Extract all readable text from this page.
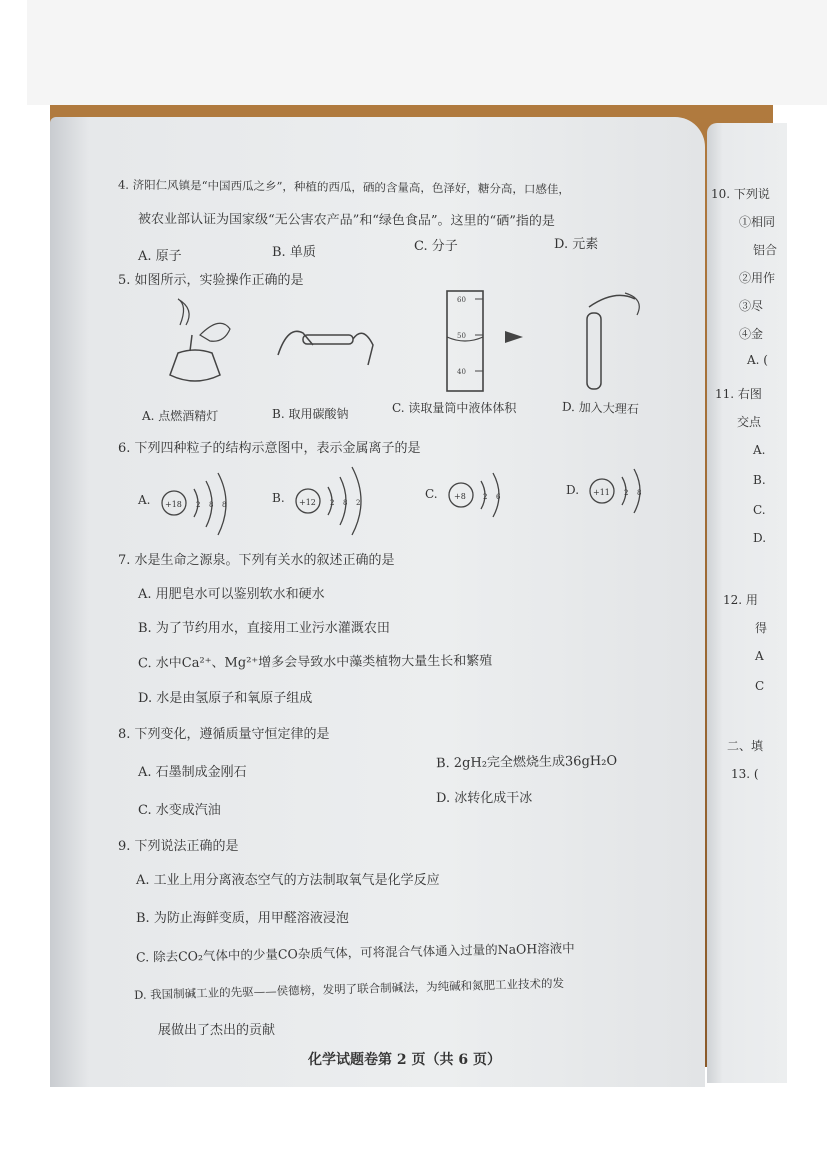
4. 济阳仁风镇是“中国西瓜之乡”，种植的西瓜，硒的含量高，色泽好，糖分高，口感佳，
被农业部认证为国家级“无公害农产品”和“绿色食品”。这里的“硒”指的是
A. 原子	B. 单质	C. 分子	D. 元素
5. 如图所示，实验操作正确的是
60
50
40
A. 点燃酒精灯	B. 取用碳酸钠	C. 读取量筒中液体体积	D. 加入大理石
6. 下列四种粒子的结构示意图中，表示金属离子的是
A. +18 2 8 8	B. +12 2 8 2
C. +8 2 6	D. +11 2 8
7. 水是生命之源泉。下列有关水的叙述正确的是
A. 用肥皂水可以鉴别软水和硬水
B. 为了节约用水，直接用工业污水灌溉农田
C. 水中Ca²⁺、Mg²⁺增多会导致水中藻类植物大量生长和繁殖
D. 水是由氢原子和氧原子组成
8. 下列变化，遵循质量守恒定律的是
A. 石墨制成金刚石
B. 2gH₂完全燃烧生成36gH₂O
C. 水变成汽油
D. 冰转化成干冰
9. 下列说法正确的是
A. 工业上用分离液态空气的方法制取氧气是化学反应
B. 为防止海鲜变质，用甲醛溶液浸泡
C. 除去CO₂气体中的少量CO杂质气体，可将混合气体通入过量的NaOH溶液中
D. 我国制碱工业的先驱——侯德榜，发明了联合制碱法，为纯碱和氮肥工业技术的发
展做出了杰出的贡献
化学试题卷第 2 页（共 6 页）
10. 下列说
①相同
铝合
②用作
③尽
④金
A. (
11. 右图
交点
A.
B.
C.
D.
12. 用
得
A
C
二、填
13. (
